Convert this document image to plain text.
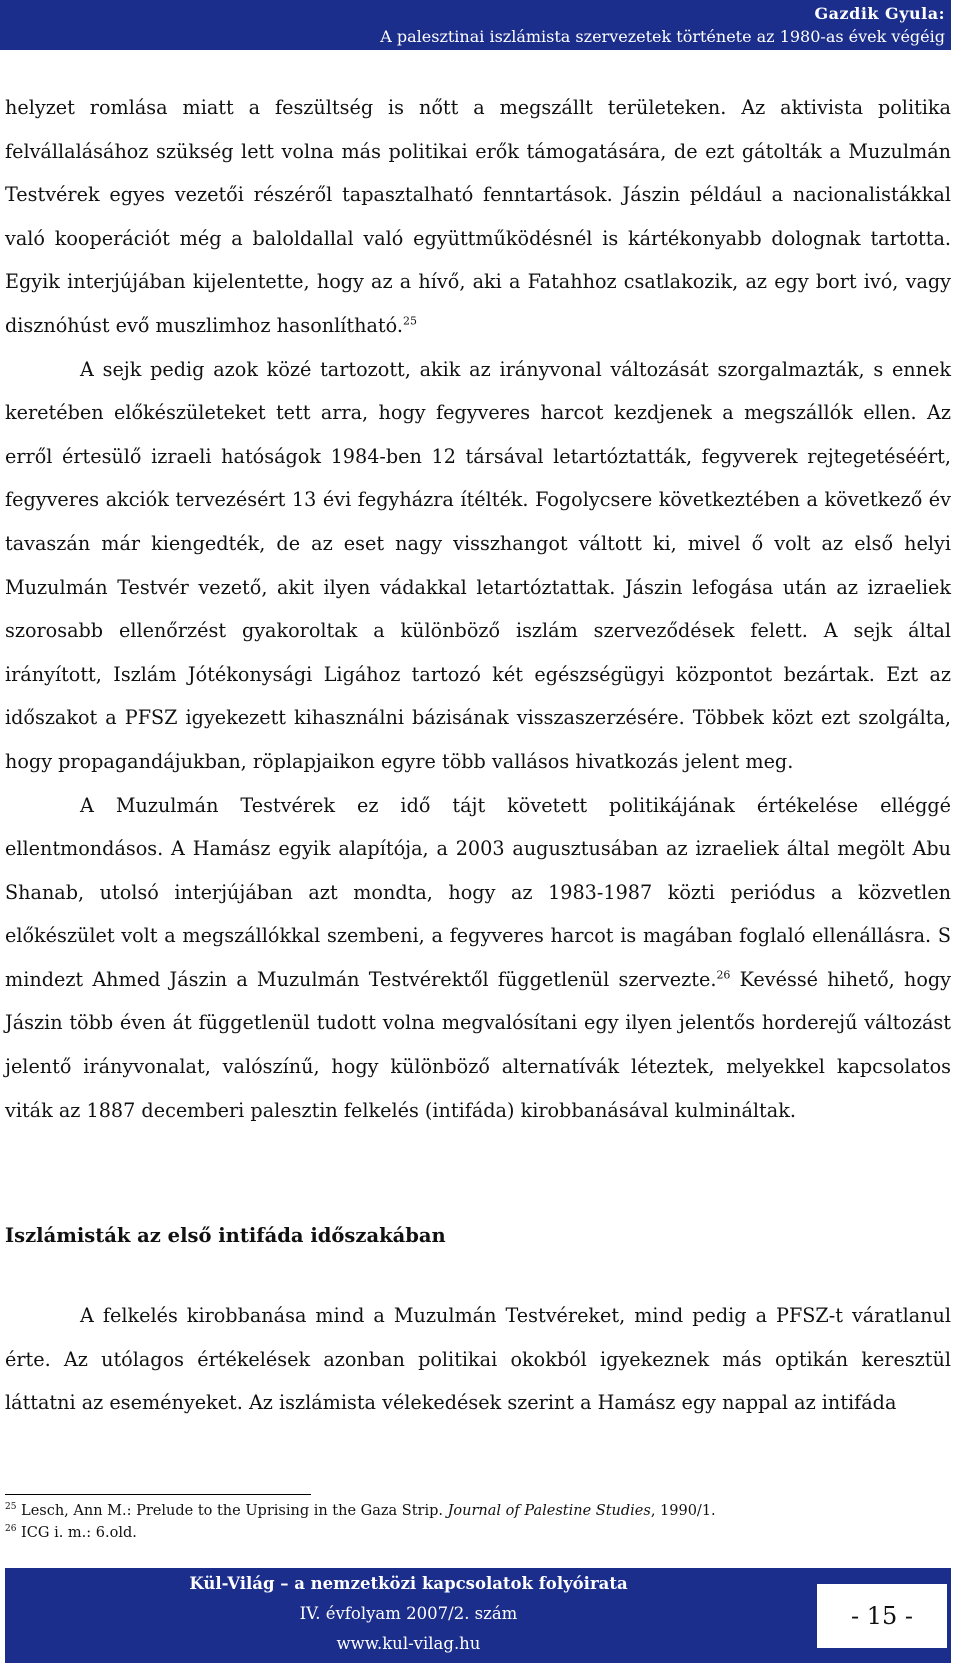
Gazdik Gyula:
A palesztinai iszlámista szervezetek története az 1980-as évek végéig

helyzet romlása miatt a feszültség is nőtt a megszállt területeken. Az aktivista politika felvállalásához szükség lett volna más politikai erők támogatására, de ezt gátolták a Muzulmán Testvérek egyes vezetői részéről tapasztalható fenntartások. Jászin például a nacionalistákkal való kooperációt még a baloldallal való együttműködésnél is kártékonyabb dolognak tartotta. Egyik interjújában kijelentette, hogy az a hívő, aki a Fatahhoz csatlakozik, az egy bort ivó, vagy disznóhúst evő muszlimhoz hasonlítható.$^{25}$

A sejk pedig azok közé tartozott, akik az irányvonal változását szorgalmazták, s ennek keretében előkészületeket tett arra, hogy fegyveres harcot kezdjenek a megszállók ellen. Az erről értesülő izraeli hatóságok 1984-ben 12 társával letartóztatták, fegyverek rejtegetéséért, fegyveres akciók tervezésért 13 évi fegyházra ítélték. Fogolycsere következtében a következő év tavaszán már kiengedték, de az eset nagy visszhangot váltott ki, mivel ő volt az első helyi Muzulmán Testvér vezető, akit ilyen vádakkal letartóztattak. Jászin lefogása után az izraeliek szorosabb ellenőrzést gyakoroltak a különböző iszlám szerveződések felett. A sejk által irányított, Iszlám Jótékonysági Ligához tartozó két egészségügyi központot bezártak. Ezt az időszakot a PFSZ igyekezett kihasználni bázisának visszaszerzésére. Többek közt ezt szolgálta, hogy propagandájukban, röplapjaikon egyre több vallásos hivatkozás jelent meg.

A Muzulmán Testvérek ez idő tájt követett politikájának értékelése elléggé ellentmondásos. A Hamász egyik alapítója, a 2003 augusztusában az izraeliek által megölt Abu Shanab, utolsó interjújában azt mondta, hogy az 1983-1987 közti periódus a közvetlen előkészület volt a megszállókkal szembeni, a fegyveres harcot is magában foglaló ellenállásra. S mindezt Ahmed Jászin a Muzulmán Testvérektől függetlenül szervezte.$^{26}$ Kevéssé hihető, hogy Jászin több éven át függetlenül tudott volna megvalósítani egy ilyen jelentős horderejű változást jelentő irányvonalat, valószínű, hogy különböző alternatívák léteztek, melyekkel kapcsolatos viták az 1887 decemberi palesztin felkelés (intifáda) kirobbanásával kulmináltak.

Iszlámisták az első intifáda időszakában

A felkelés kirobbanása mind a Muzulmán Testvéreket, mind pedig a PFSZ-t váratlanul érte. Az utólagos értékelések azonban politikai okokból igyekeznek más optikán keresztül láttatni az eseményeket. Az iszlámista vélekedések szerint a Hamász egy nappal az intifáda

$^{25}$ Lesch, Ann M.: Prelude to the Uprising in the Gaza Strip. Journal of Palestine Studies, 1990/1.
$^{26}$ ICG i. m.: 6.old.
Kül-Világ – a nemzetközi kapcsolatok folyóirata
IV. évfolyam 2007/2. szám
www.kul-vilag.hu
- 15 -
